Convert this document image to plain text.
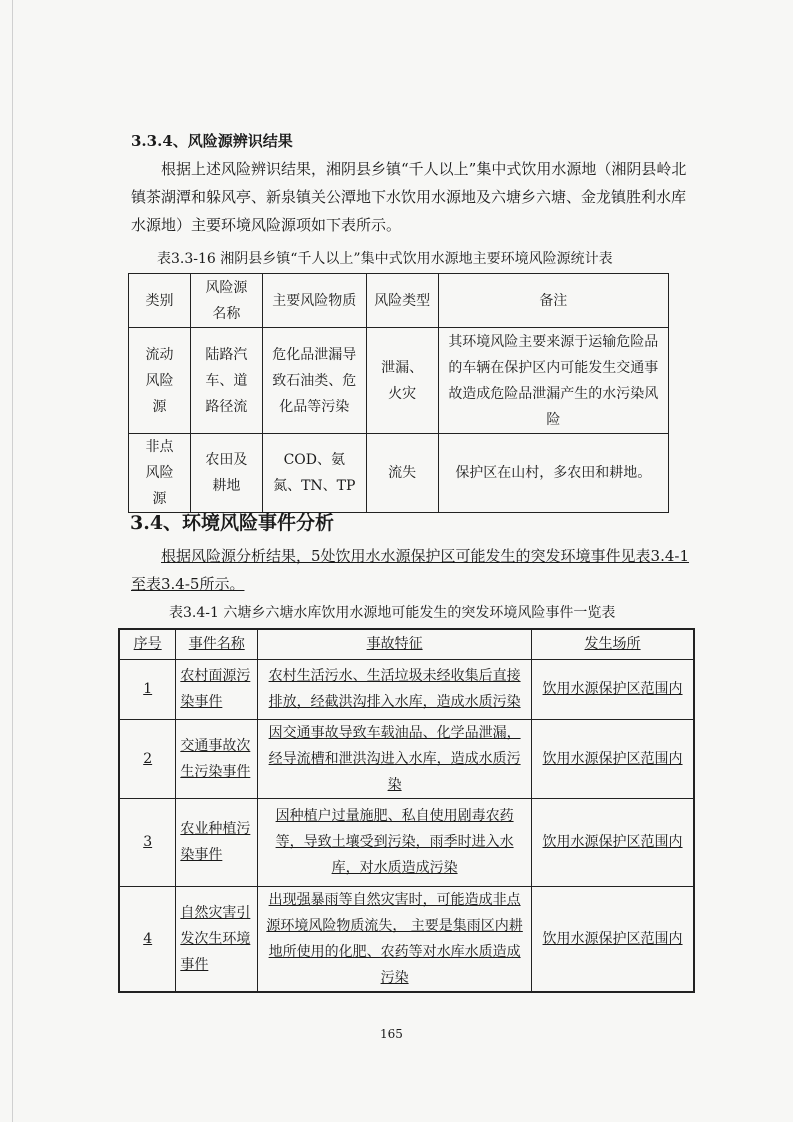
3.3.4、风险源辨识结果
根据上述风险辨识结果，湘阴县乡镇“千人以上”集中式饮用水源地（湘阴县岭北镇茶湖潭和躲风亭、新泉镇关公潭地下水饮用水源地及六塘乡六塘、金龙镇胜利水库水源地）主要环境风险源项如下表所示。
表3.3-16 湘阴县乡镇“千人以上”集中式饮用水源地主要环境风险源统计表
类别	风险源名称	主要风险物质	风险类型	备注
流动风险源	陆路汽车、道路径流	危化品泄漏导致石油类、危化品等污染	泄漏、火灾	其环境风险主要来源于运输危险品的车辆在保护区内可能发生交通事故造成危险品泄漏产生的水污染风险
非点风险源	农田及耕地	COD、氨氮、TN、TP	流失	保护区在山村，多农田和耕地。
3.4、环境风险事件分析
根据风险源分析结果，5处饮用水水源保护区可能发生的突发环境事件见表3.4-1至表3.4-5所示。
表3.4-1 六塘乡六塘水库饮用水源地可能发生的突发环境风险事件一览表
序号	事件名称	事故特征	发生场所
1	农村面源污染事件	农村生活污水、生活垃圾未经收集后直接排放，经截洪沟排入水库，造成水质污染	饮用水源保护区范围内
2	交通事故次生污染事件	因交通事故导致车载油品、化学品泄漏，经导流槽和泄洪沟进入水库，造成水质污染	饮用水源保护区范围内
3	农业种植污染事件	因种植户过量施肥、私自使用剧毒农药等，导致土壤受到污染，雨季时进入水库，对水质造成污染	饮用水源保护区范围内
4	自然灾害引发次生环境事件	出现强暴雨等自然灾害时，可能造成非点源环境风险物质流失， 主要是集雨区内耕地所使用的化肥、农药等对水库水质造成污染	饮用水源保护区范围内
165
